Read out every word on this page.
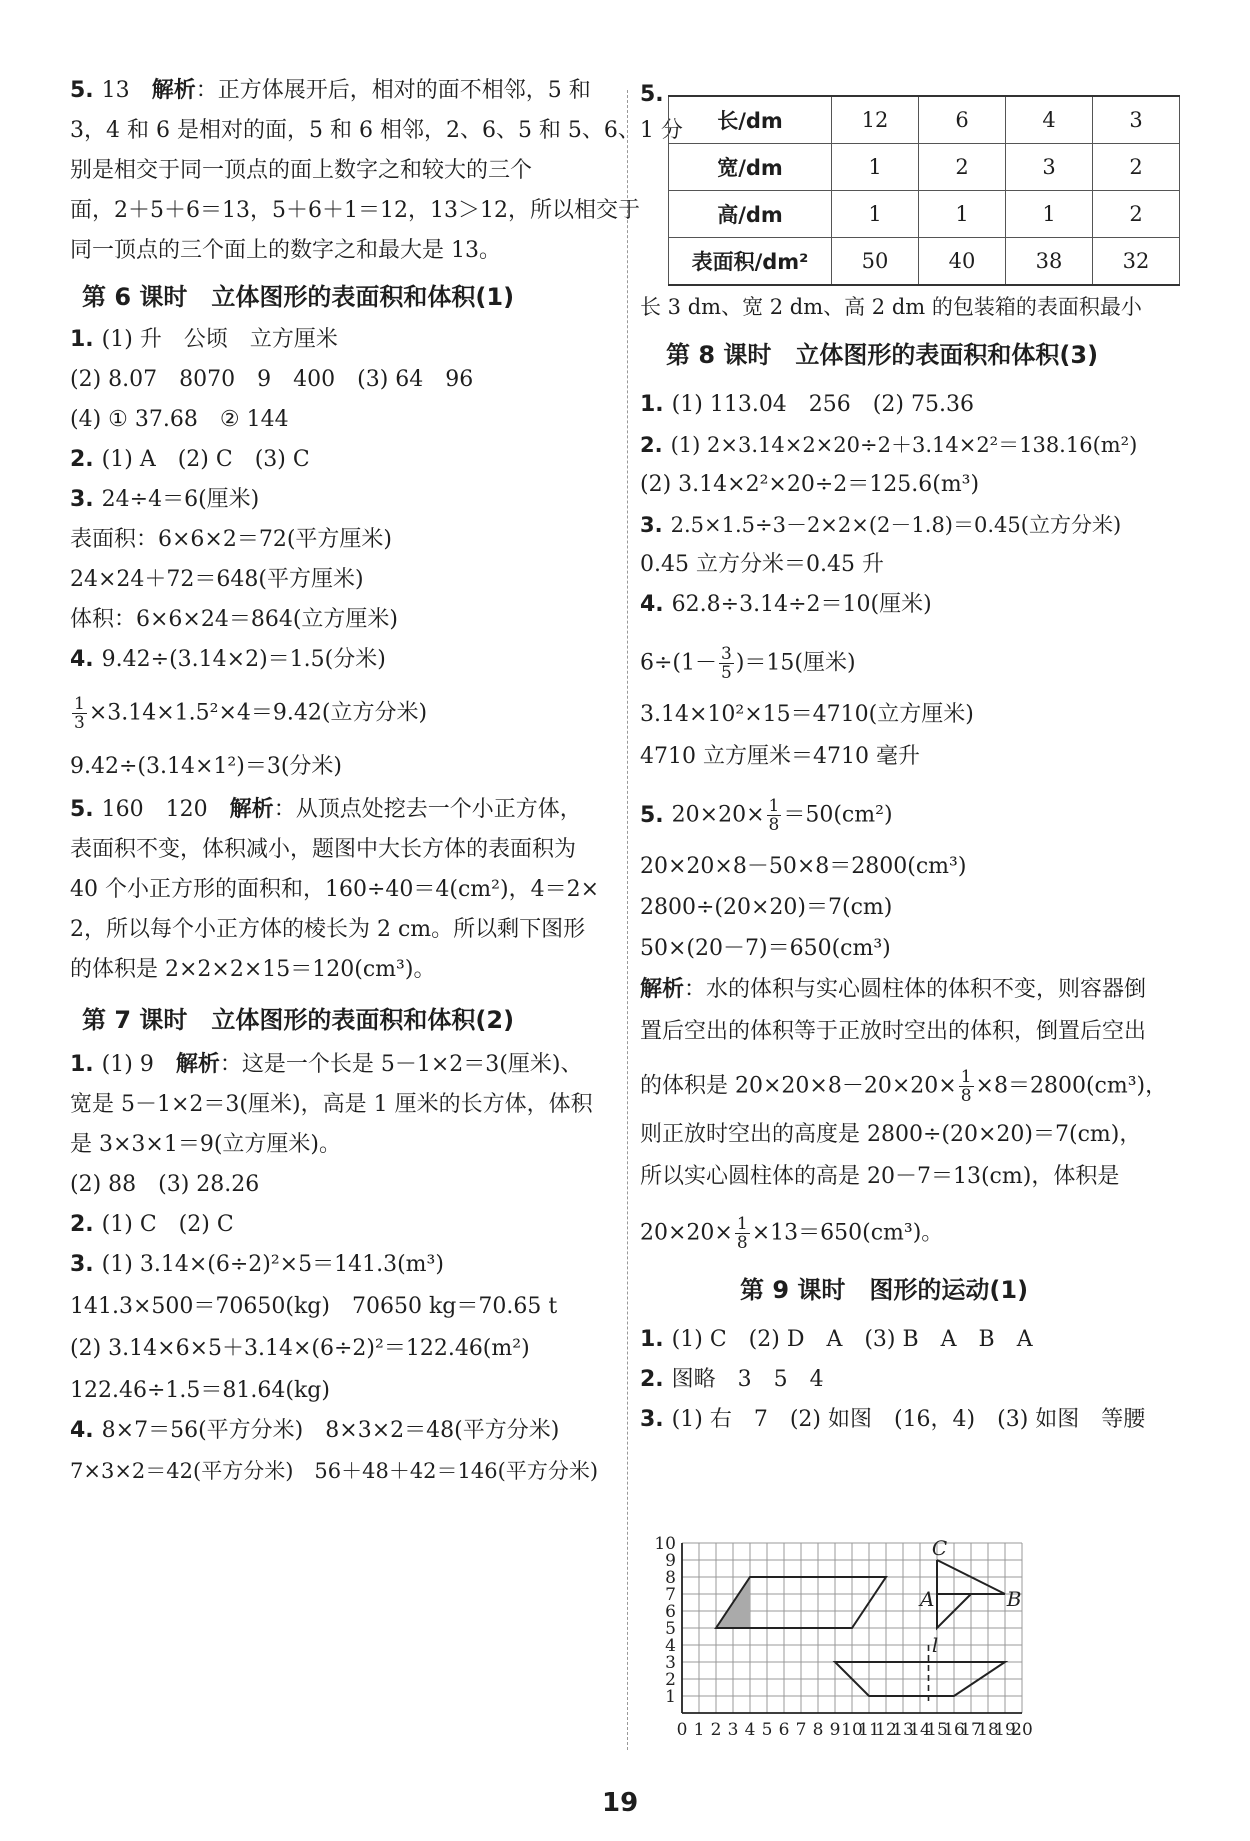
5. 13　 解析：正方体展开后，相对的面不相邻，5 和
3，4 和 6 是相对的面，5 和 6 相邻，2、6、5 和 5、6、1 分
别是相交于同一顶点的面上数字之和较大的三个
面，2＋5＋6＝13，5＋6＋1＝12，13＞12，所以相交于
同一顶点的三个面上的数字之和最大是 13。
第 6 课时　立体图形的表面积和体积(1)
1. (1) 升　公顷　立方厘米
(2) 8.07　8070　9　400　(3) 64　96
(4) ① 37.68　② 144
2. (1) A　(2) C　(3) C
3. 24÷4＝6(厘米)
表面积：6×6×2＝72(平方厘米)
24×24＋72＝648(平方厘米)
体积：6×6×24＝864(立方厘米)
4. 9.42÷(3.14×2)＝1.5(分米)
$\frac{1}{3} \times 3.14\times 1.5^2\times 4=9.42$(立方分米)
9.42÷(3.14×1²)＝3(分米)
5. 160　120　 解析：从顶点处挖去一个小正方体，
表面积不变，体积减小，题图中大长方体的表面积为
40 个小正方形的面积和，160÷40＝4(cm²)，4＝2×
2，所以每个小正方体的棱长为 2 cm。所以剩下图形
的体积是 2×2×2×15＝120(cm³)。
第 7 课时　立体图形的表面积和体积(2)
1. (1) 9　 解析：这是一个长是 5－1×2＝3(厘米)、
宽是 5－1×2＝3(厘米)，高是 1 厘米的长方体，体积
是 3×3×1＝9(立方厘米)。
(2) 88　(3) 28.26
2. (1) C　(2) C
3. (1) 3.14×(6÷2)²×5＝141.3(m³)
141.3×500＝70650(kg)　70650 kg＝70.65 t
(2) 3.14×6×5＋3.14×(6÷2)²＝122.46(m²)
122.46÷1.5＝81.64(kg)
4. 8×7＝56(平方分米)　8×3×2＝48(平方分米)
7×3×2＝42(平方分米)　56＋48＋42＝146(平方分米)
5.
长/dm	12	6	4	3
宽/dm	1	2	3	2
高/dm	1	1	1	2
表面积/dm²	50	40	38	32
长 3 dm、宽 2 dm、高 2 dm 的包装箱的表面积最小
第 8 课时　立体图形的表面积和体积(3)
1. (1) 113.04　256　(2) 75.36
2. (1) 2×3.14×2×20÷2＋3.14×2²＝138.16(m²)
(2) 3.14×2²×20÷2＝125.6(m³)
3. 2.5×1.5÷3－2×2×(2－1.8)＝0.45(立方分米)
0.45 立方分米＝0.45 升
4. 62.8÷3.14÷2＝10(厘米)
$6\div(1- \frac{3}{5} )=15$(厘米)
3.14×10²×15＝4710(立方厘米)
4710 立方厘米＝4710 毫升
5. $20\times 20\times \frac{1}{8} =50(cm^2)$
20×20×8－50×8＝2800(cm³)
2800÷(20×20)＝7(cm)
50×(20－7)＝650(cm³)
解析：水的体积与实心圆柱体的体积不变，则容器倒
置后空出的体积等于正放时空出的体积，倒置后空出
的体积是 $20\times 20\times 8-20\times 20\times \frac{1}{8} \times 8=2800(cm^3)$，
则正放时空出的高度是 2800÷(20×20)＝7(cm)，
所以实心圆柱体的高是 20－7＝13(cm)，体积是
$20\times 20\times \frac{1}{8} \times 13=650(cm^3)$。
第 9 课时　图形的运动(1)
1. (1) C　(2) D　A　(3) B　A　B　A
2. 图略　3　5　4
3. (1) 右　7　(2) 如图　(16，4)　(3) 如图　等腰
1
2
3
4
5
6
7
8
9
10
0 1 2 3 4 5 6 7 8 9 10
11
12
13
14
15
16
17
18
19
20
C
A	B
l
19
